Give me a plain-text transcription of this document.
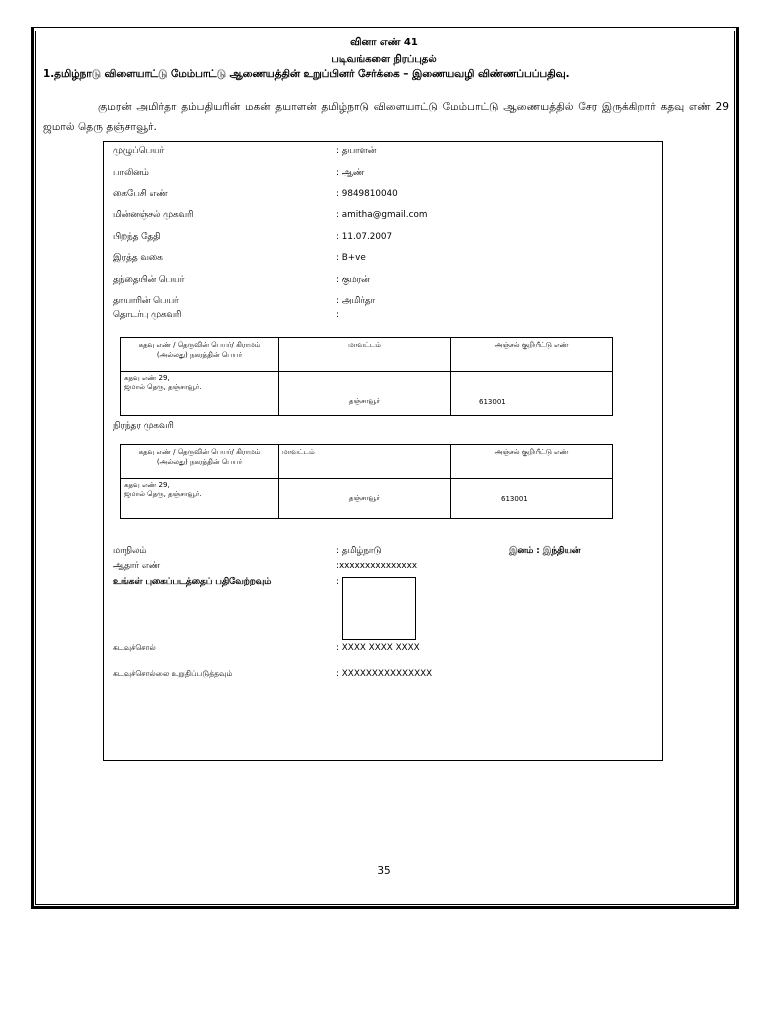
வினா எண் 41
படிவங்களை நிரப்புதல்
1.தமிழ்நாடு விளையாட்டு மேம்பாட்டு ஆணையத்தின் உறுப்பினர் சேர்க்கை – இணையவழி விண்ணப்பப்பதிவு.
குமரன் அமிர்தா தம்பதியரின் மகன் தயாளன் தமிழ்நாடு விளையாட்டு மேம்பாட்டு ஆணையத்தில் சேர இருக்கிறார் கதவு எண் 29 ஜமால் தெரு தஞ்சாவூர்.
முழுப்பெயர்	: தயாளன்
பாலினம்	: ஆண்
கைபேசி எண்	: 9849810040
மின்னஞ்சல் முகவரி	: amitha@gmail.com
பிறந்த தேதி	: 11.07.2007
இரத்த வகை	: B+ve
தந்தையின் பெயர்	: குமரன்
தாயாரின் பெயர்	: அமிர்தா
தொடர்பு முகவரி	:
கதவு எண் / தெருவின் பெயர்/ கிராமம் (அல்லது) நகரத்தின் பெயர்	மாவட்டம்	அஞ்சல் குறியீட்டு எண்

கதவு எண் 29,
ஜமால் தெரு, தஞ்சாவூர்.	தஞ்சாவூர்	613001
நிரந்தர முகவரி
கதவு எண் / தெருவின் பெயர்/ கிராமம் (அல்லது) நகரத்தின் பெயர்	மாவட்டம்	அஞ்சல் குறியீட்டு எண்

கதவு எண் 29,
ஜமால் தெரு, தஞ்சாவூர்.	தஞ்சாவூர்	613001
மாநிலம்	: தமிழ்நாடு	இனம் : இந்தியன்
ஆதார் எண்	:xxxxxxxxxxxxxxx
உங்கள் புகைப்படத்தைப் பதிவேற்றவும்	:
கடவுச்சொல்	: XXXX XXXX XXXX
கடவுச்சொல்லை உறுதிப்படுத்தவும்	: XXXXXXXXXXXXXXX
35
